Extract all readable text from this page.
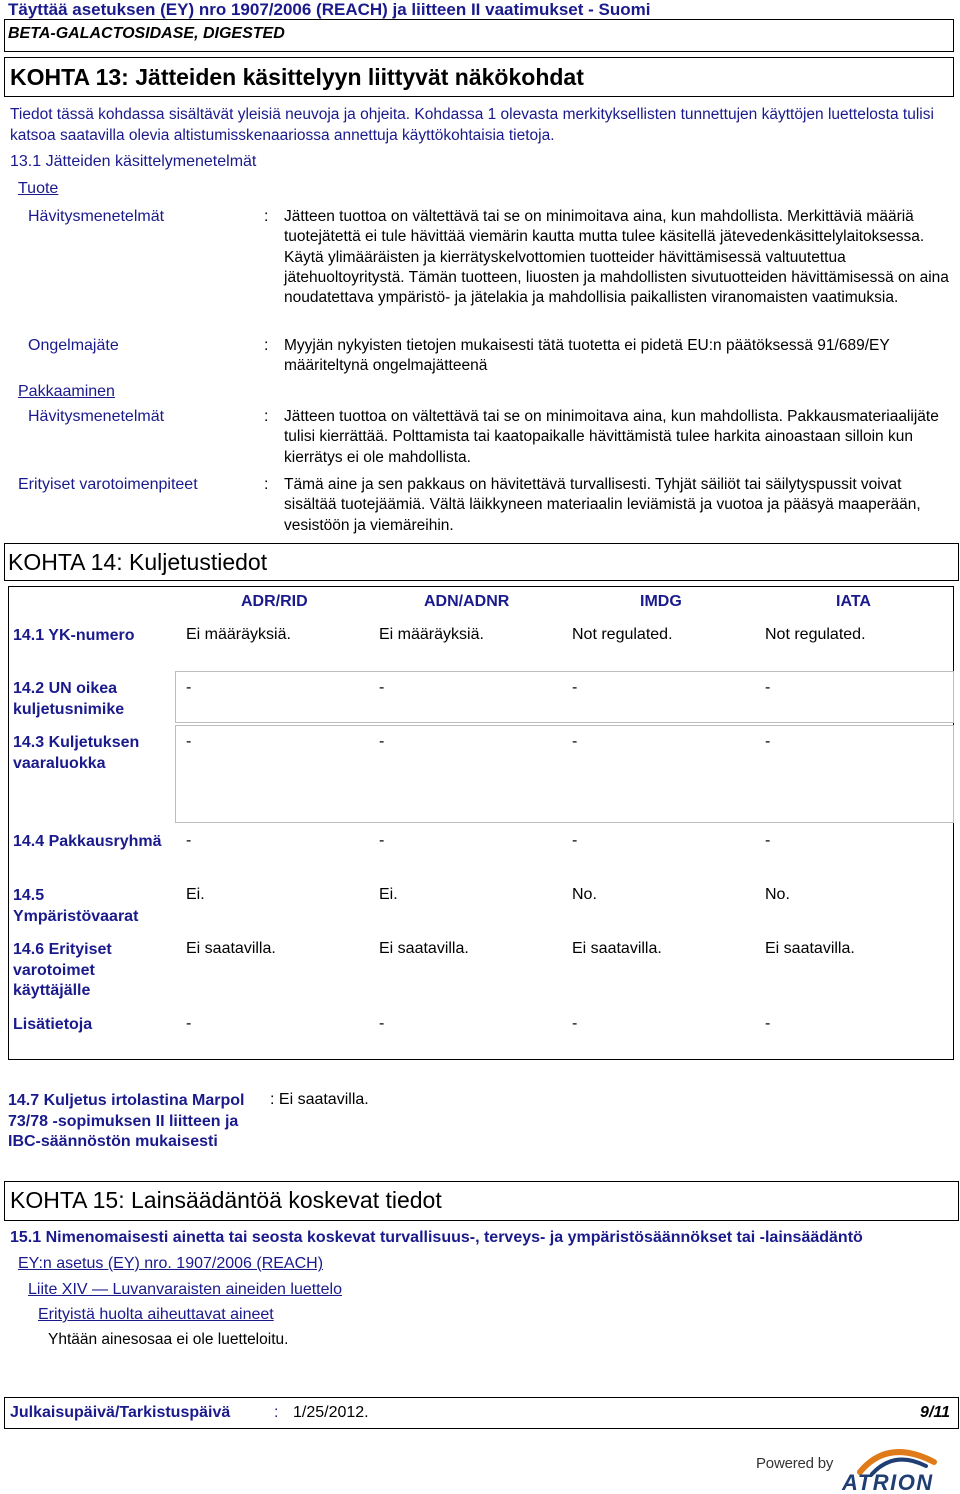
Täyttää asetuksen (EY) nro 1907/2006 (REACH) ja liitteen II vaatimukset - Suomi
BETA-GALACTOSIDASE, DIGESTED
KOHTA 13: Jätteiden käsittelyyn liittyvät näkökohdat
Tiedot tässä kohdassa sisältävät yleisiä neuvoja ja ohjeita. Kohdassa 1 olevasta merkityksellisten tunnettujen käyttöjen luettelosta tulisi katsoa saatavilla olevia altistumisskenaariossa annettuja käyttökohtaisia tietoja.
13.1 Jätteiden käsittelymenetelmät
Tuote
Hävitysmenetelmät	: Jätteen tuottoa on vältettävä tai se on minimoitava aina, kun mahdollista. Merkittäviä määriä tuotejätettä ei tule hävittää viemärin kautta mutta tulee käsitellä jätevedenkäsittelylaitoksessa. Käytä ylimääräisten ja kierrätyskelvottomien tuotteider hävittämisessä valtuutettua jätehuoltoyritystä. Tämän tuotteen, liuosten ja mahdollisten sivutuotteiden hävittämisessä on aina noudatettava ympäristö- ja jätelakia ja mahdollisia paikallisten viranomaisten vaatimuksia.
Ongelmajäte	: Myyjän nykyisten tietojen mukaisesti tätä tuotetta ei pidetä EU:n päätöksessä 91/689/EY määriteltynä ongelmajätteenä
Pakkaaminen
Hävitysmenetelmät	: Jätteen tuottoa on vältettävä tai se on minimoitava aina, kun mahdollista. Pakkausmateriaalijäte tulisi kierrättää. Polttamista tai kaatopaikalle hävittämistä tulee harkita ainoastaan silloin kun kierrätys ei ole mahdollista.
Erityiset varotoimenpiteet	: Tämä aine ja sen pakkaus on hävitettävä turvallisesti. Tyhjät säiliöt tai säilytyspussit voivat sisältää tuotejäämiä. Vältä läikkyneen materiaalin leviämistä ja vuotoa ja pääsyä maaperään, vesistöön ja viemäreihin.
KOHTA 14: Kuljetustiedot
ADR/RID	ADN/ADNR	IMDG	IATA
14.1 YK-numero	Ei määräyksiä.	Ei määräyksiä.	Not regulated.	Not regulated.
14.2 UN oikea kuljetusnimike
-	-	-	-
14.3 Kuljetuksen vaaraluokka
-	-	-	-
14.4 Pakkausryhmä	-	-	-	-
14.5 Ympäristövaarat
Ei.	Ei.	No.	No.
14.6 Erityiset varotoimet käyttäjälle
Ei saatavilla.	Ei saatavilla.	Ei saatavilla.	Ei saatavilla.
Lisätietoja	-	-	-	-
14.7 Kuljetus irtolastina Marpol 73/78 -sopimuksen II liitteen ja IBC-säännöstön mukaisesti
: Ei saatavilla.
KOHTA 15: Lainsäädäntöä koskevat tiedot
15.1 Nimenomaisesti ainetta tai seosta koskevat turvallisuus-, terveys- ja ympäristösäännökset tai -lainsäädäntö
EY:n asetus (EY) nro. 1907/2006 (REACH)
Liite XIV — Luvanvaraisten aineiden luettelo
Erityistä huolta aiheuttavat aineet
Yhtään ainesosaa ei ole luetteloitu.
Julkaisupäivä/Tarkistuspäivä	: 1/25/2012.	9/11
Powered by
ATRION
